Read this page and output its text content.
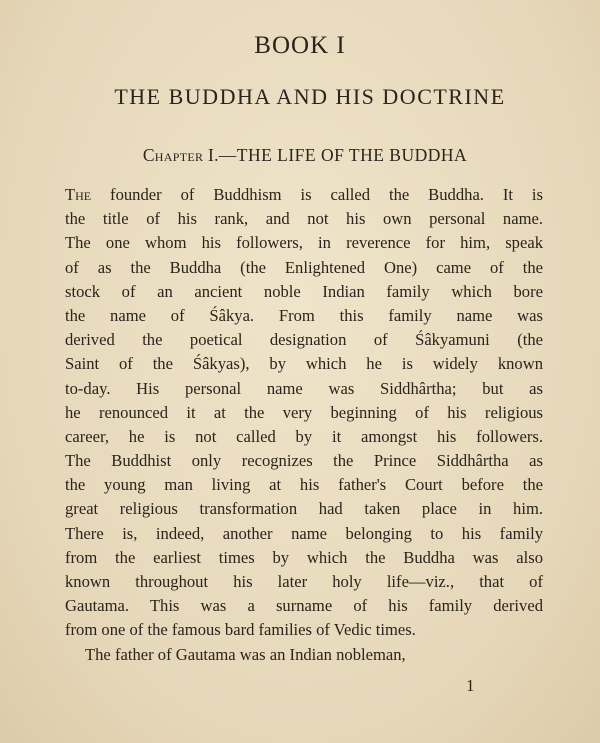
BOOK I
THE BUDDHA AND HIS DOCTRINE
Chapter I.—THE LIFE OF THE BUDDHA
The founder of Buddhism is called the Buddha. It is
the title of his rank, and not his own personal name.
The one whom his followers, in reverence for him, speak
of as the Buddha (the Enlightened One) came of the
stock of an ancient noble Indian family which bore
the name of Śâkya. From this family name was
derived the poetical designation of Śâkyamuni (the
Saint of the Śâkyas), by which he is widely known
to-day. His personal name was Siddhârtha; but as
he renounced it at the very beginning of his religious
career, he is not called by it amongst his followers.
The Buddhist only recognizes the Prince Siddhârtha as
the young man living at his father's Court before the
great religious transformation had taken place in him.
There is, indeed, another name belonging to his family
from the earliest times by which the Buddha was also
known throughout his later holy life—viz., that of
Gautama. This was a surname of his family derived
from one of the famous bard families of Vedic times.
The father of Gautama was an Indian nobleman,
1
